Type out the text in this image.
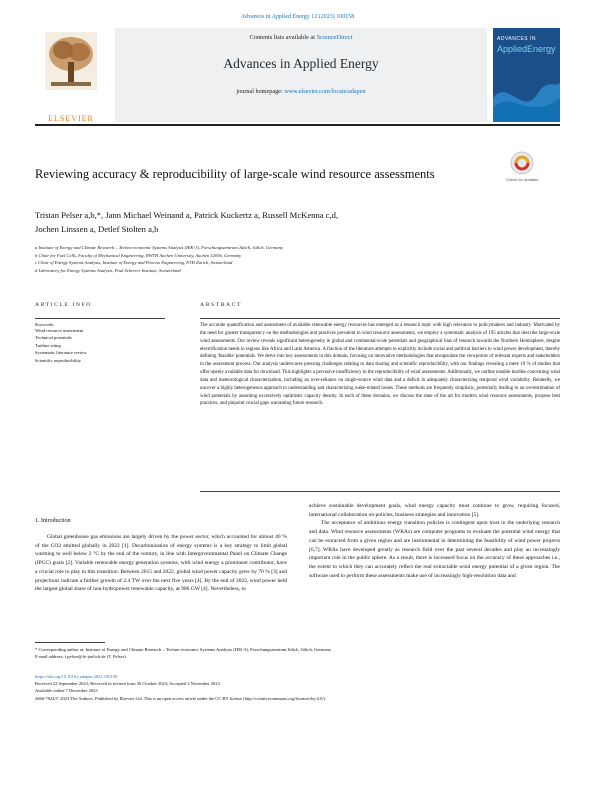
Advances in Applied Energy 12 (2023) 100158
ELSEVIER
Contents lists available at ScienceDirect
Advances in Applied Energy
journal homepage: www.elsevier.com/locate/adapen
ADVANCES IN
AppliedEnergy
Reviewing accuracy & reproducibility of large-scale wind resource assessments	Check for updates
Tristan Pelser a,b,*, Jann Michael Weinand a, Patrick Kuckertz a, Russell McKenna c,d,
Jochen Linssen a, Detlef Stolten a,b
a Institute of Energy and Climate Research – Techno-economic Systems Analysis (IEK-3), Forschungszentrum Jülich, Jülich, Germany
b Chair for Fuel Cells, Faculty of Mechanical Engineering, RWTH Aachen University, Aachen 52056, Germany
c Chair of Energy Systems Analysis, Institute of Energy and Process Engineering, ETH Zurich, Switzerland
d Laboratory for Energy Systems Analysis, Paul Scherrer Institute, Switzerland
ARTICLE INFO	ABSTRACT
Keywords:
Wind resource assessment
Technical potentials
Turbine siting
Systematic literature review
Scientific reproducibility
The accurate quantification and assessment of available renewable energy resources has emerged as a research topic with high relevance to policymakers and industry. Motivated by the need for greater transparency on the methodologies and practices prevalent in wind resource assessments, we employ a systematic analysis of 195 articles that describe large-scale wind assessments. Our review reveals significant heterogeneity in global and continental-scale potentials and geographical bias of research towards the Northern Hemisphere, despite electrification needs in regions like Africa and Latin America. A fraction of the literature attempts to explicitly include social and political barriers to wind power development, thereby defining 'feasible' potentials. We delve into key assessments in this domain, focusing on innovative methodologies that encapsulate the viewpoints of relevant experts and stakeholders in the assessment process. Our analysis underscores pressing challenges relating to data sharing and scientific reproducibility, with our findings revealing a mere 10 % of studies that offer openly available data for download. This highlights a pervasive insufficiency in the reproducibility of wind assessments. Additionally, we outline notable hurdles concerning wind data and meteorological characterization, including an over-reliance on single-source wind data and a deficit in adequately characterizing temporal wind variability. Relatedly, we uncover a highly heterogeneous approach to understanding and characterizing wake-related losses. These methods are frequently simplistic, potentially leading to an overestimation of wind potentials by assuming excessively optimistic capacity density. In each of these domains, we discuss the state of the art for modern wind resource assessments, propose best practices, and pinpoint crucial gaps warranting future research.
1. Introduction

Global greenhouse gas emissions are largely driven by the power sector, which accounted for almost 40 % of the CO2 emitted globally in 2022 [1]. Decarbonisation of energy systems is a key strategy to limit global warming to well below 2 °C by the end of the century, in line with Intergovernmental Panel on Climate Change (IPCC) goals [2]. Variable renewable energy generation systems, with wind energy a prominent contributor, have a crucial role to play in this transition. Between 2015 and 2022, global wind power capacity grew by 70 % [3] and projections indicate a further growth of 2.4 TW over the next five years [4]. By the end of 2022, wind power held the largest global share of non-hydropower renewable capacity, at 906 GW [4]. Nevertheless, to

achieve sustainable development goals, wind energy capacity must continue to grow, requiring focused, international collaboration on policies, business strategies and innovation [5].

The acceptance of ambitious energy transition policies is contingent upon trust in the underlying research and data. Wind resource assessments (WRAs) are computer programs to evaluate the potential wind energy that can be extracted from a given region and are instrumental in determining the feasibility of wind power projects [6,7]. WRAs have developed greatly as research field over the past several decades and play an increasingly important role in the public sphere. As a result, there is increased focus on the accuracy of these approaches i.e., the extent to which they can accurately reflect the real extractable wind energy potential of a given region. The software used to perform these assessments make use of increasingly high-resolution data and

* Corresponding author at: Institute of Energy and Climate Research – Techno-economic Systems Analysis (IEK-3), Forschungszentrum Jülich, Jülich, Germany.
E-mail address: t.pelser@fz-juelich.de (T. Pelser).
https://doi.org/10.1016/j.adapen.2023.100158
Received 22 September 2023; Received in revised form 30 October 2023; Accepted 3 November 2023
Available online 7 December 2023
2666-7924/© 2023 The Authors. Published by Elsevier Ltd. This is an open access article under the CC BY license (http://creativecommons.org/licenses/by/4.0/).
